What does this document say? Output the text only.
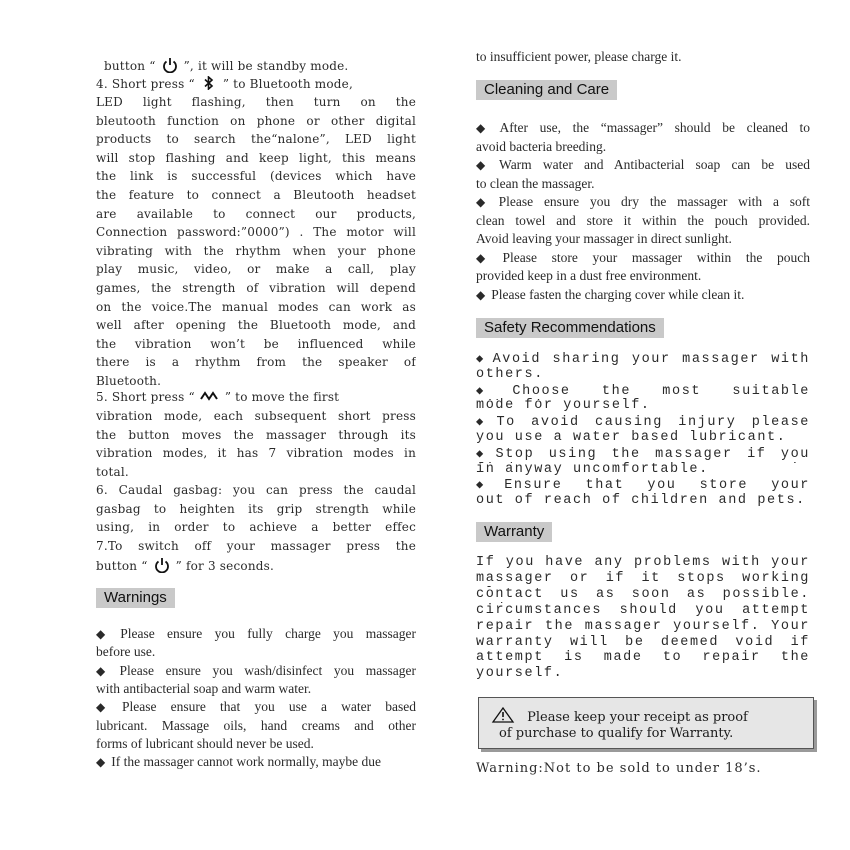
button “ ”, it will be standby mode.
4. Short press “ ” to Bluetooth mode,
LED light flashing, then turn on the
bleutooth function on phone or other digital
products to search the“nalone”, LED light
will stop flashing and keep light, this means
the link is successful (devices which have
the feature to connect a Bleutooth headset
are available to connect our products,
Connection password:”0000”) . The motor will
vibrating with the rhythm when your phone
play music, video, or make a call, play
games, the strength of vibration will depend
on the voice.The manual modes can work as
well after opening the Bluetooth mode, and
the vibration won’t be influenced while
there is a rhythm from the speaker of
Bluetooth.
5. Short press “	” to move the first
vibration mode, each subsequent short press
the button moves the massager through its
vibration modes, it has 7 vibration modes in
total.
6. Caudal gasbag: you can press the caudal
gasbag to heighten its grip strength while
using, in order to achieve a better effec
7.To switch off your massager press the
button “ ” for 3 seconds.
Warnings
◆ Please ensure you fully charge you massager
before use.
◆ Please ensure you wash/disinfect you massager
with antibacterial soap and warm water.
◆ Please ensure that you use a water based
lubricant. Massage oils, hand creams and other
forms of lubricant should never be used.
◆ If the massager cannot work normally, maybe due
to insufficient power, please charge it.
Cleaning and Care
◆ After use, the “massager” should be cleaned to
avoid bacteria breeding.
◆ Warm water and Antibacterial soap can be used
to clean the massager.
◆ Please ensure you dry the massager with a soft
clean towel and store it within the pouch provided.
Avoid leaving your massager in direct sunlight.
◆ Please store your massager within the pouch
provided keep in a dust free environment.
◆ Please fasten the charging cover while clean it.
Safety Recommendations
◆ Avoid sharing your massager with
others.
◆ Choose the most suitable
mode for yourself.
◆ To avoid causing injury please
you use a water based lubricant.
◆ Stop using the massager if you
in anyway uncomfortable.
◆ Ensure that you store your
out of reach of children and pets.
Warranty
If you have any problems with your
massager or if it stops working
contact us as soon as possible.
circumstances should you attempt
repair the massager yourself. Your
warranty will be deemed void if
attempt is made to repair the
yourself.
Warning:Not to be sold to under 18’s.
Please keep your receipt as proof
of purchase to qualify for Warranty.
